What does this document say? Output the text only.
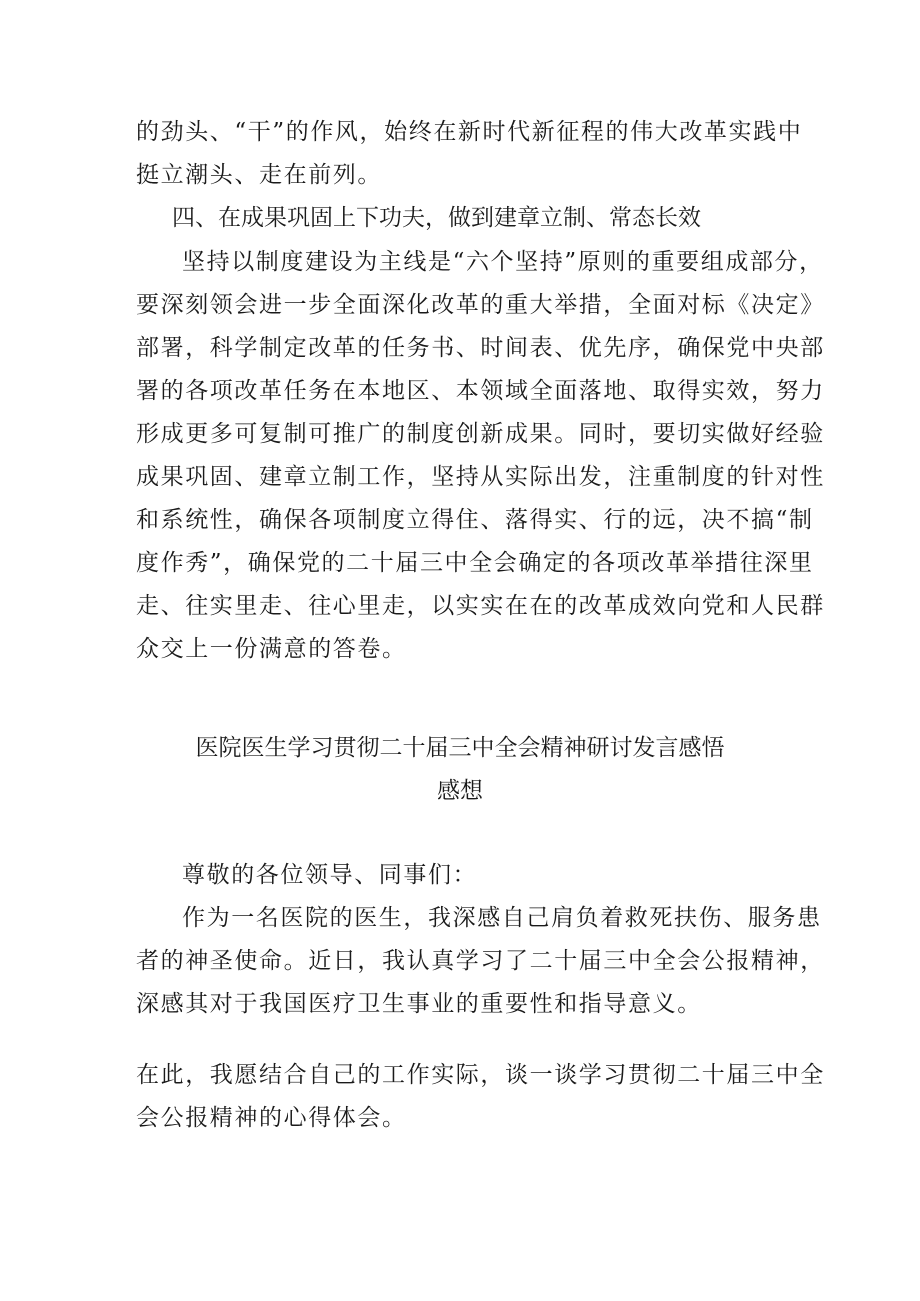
的劲头、“干”的作风，始终在新时代新征程的伟大改革实践中
挺立潮头、走在前列。
四、在成果巩固上下功夫，做到建章立制、常态长效
坚持以制度建设为主线是“六个坚持”原则的重要组成部分，
要深刻领会进一步全面深化改革的重大举措，全面对标《决定》
部署，科学制定改革的任务书、时间表、优先序，确保党中央部
署的各项改革任务在本地区、本领域全面落地、取得实效，努力
形成更多可复制可推广的制度创新成果。同时，要切实做好经验
成果巩固、建章立制工作，坚持从实际出发，注重制度的针对性
和系统性，确保各项制度立得住、落得实、行的远，决不搞“制
度作秀”，确保党的二十届三中全会确定的各项改革举措往深里
走、往实里走、往心里走，以实实在在的改革成效向党和人民群
众交上一份满意的答卷。
医院医生学习贯彻二十届三中全会精神研讨发言感悟
感想
尊敬的各位领导、同事们：
作为一名医院的医生，我深感自己肩负着救死扶伤、服务患
者的神圣使命。近日，我认真学习了二十届三中全会公报精神，
深感其对于我国医疗卫生事业的重要性和指导意义。
在此，我愿结合自己的工作实际，谈一谈学习贯彻二十届三中全
会公报精神的心得体会。
